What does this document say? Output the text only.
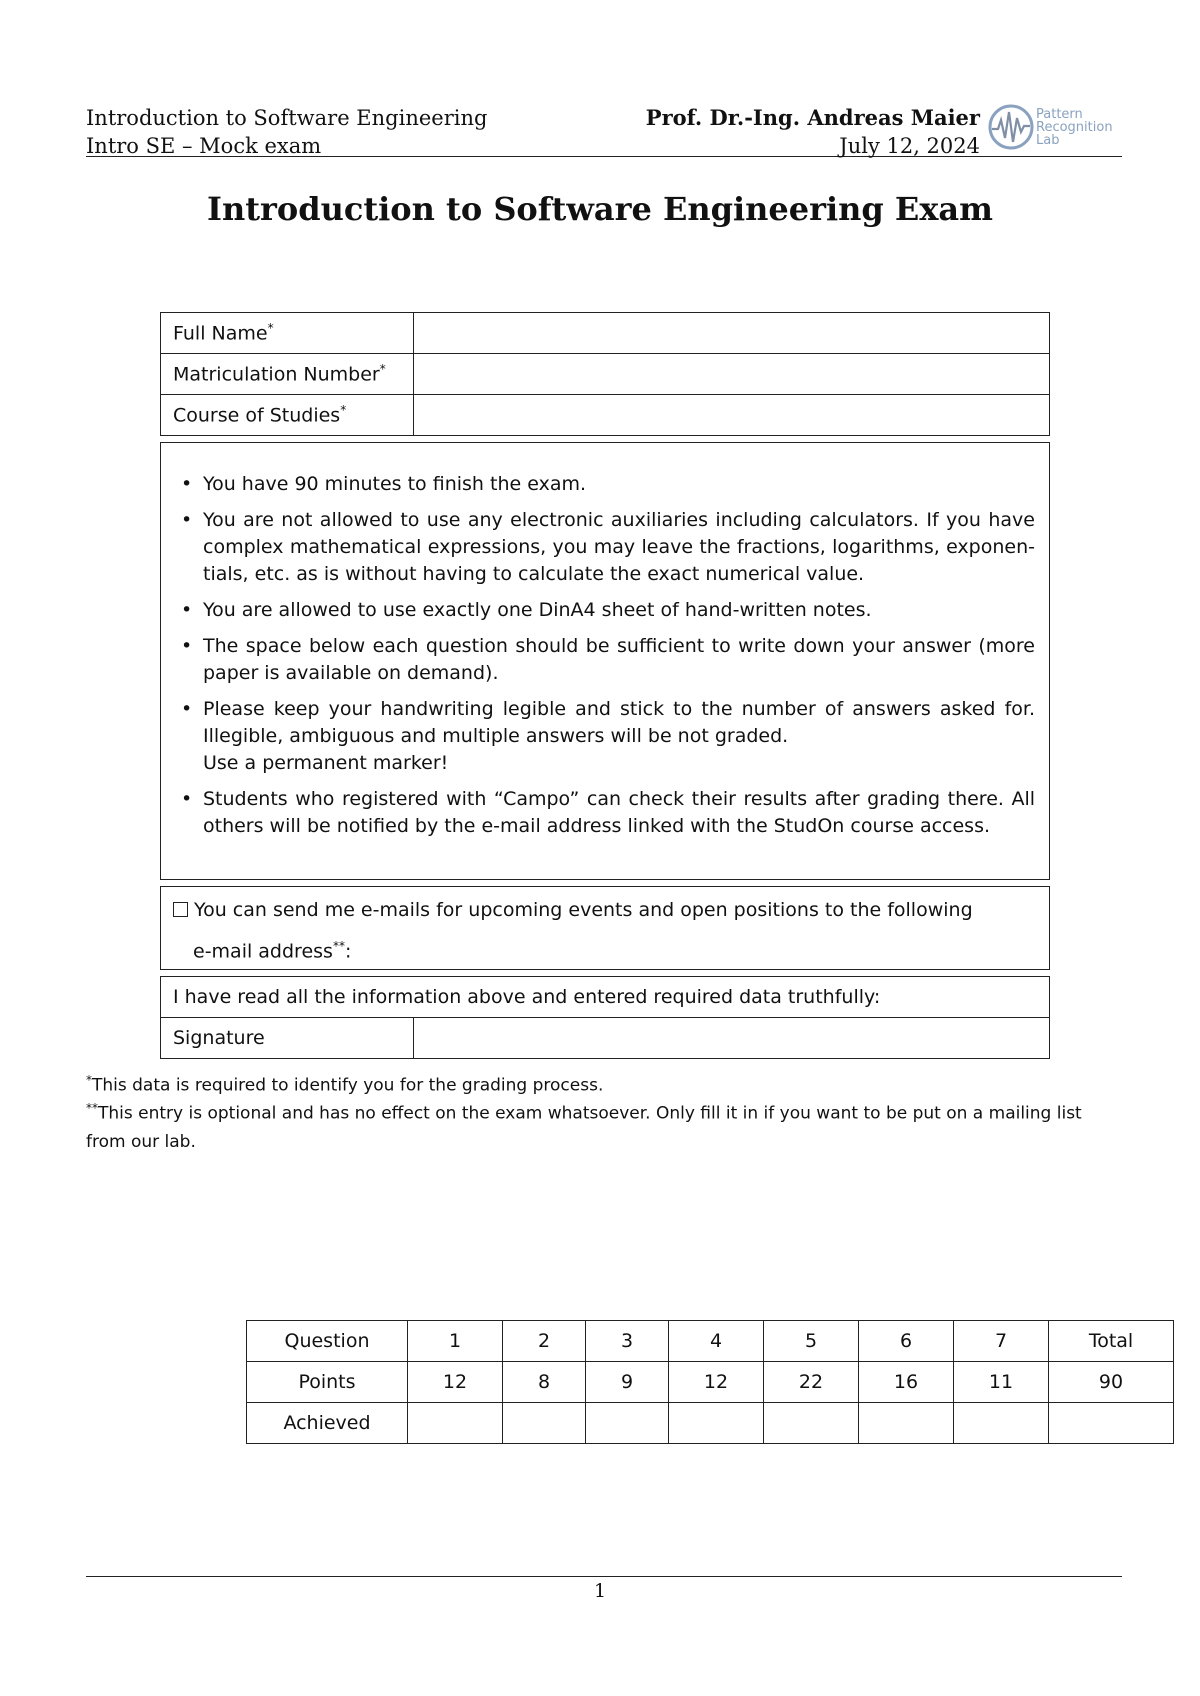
Introduction to Software Engineering
Intro SE – Mock exam
Prof. Dr.-Ing. Andreas Maier
July 12, 2024
Pattern
Recognition
Lab
Introduction to Software Engineering Exam
Full Name*	
Matriculation Number*	
Course of Studies*	
• You have 90 minutes to finish the exam.
• You are not allowed to use any electronic auxiliaries including calculators. If you have complex mathematical expressions, you may leave the fractions, logarithms, exponen- tials, etc. as is without having to calculate the exact numerical value.
• You are allowed to use exactly one DinA4 sheet of hand-written notes.
• The space below each question should be sufficient to write down your answer (more paper is available on demand).
• Please keep your handwriting legible and stick to the number of answers asked for. Illegible, ambiguous and multiple answers will be not graded.
Use a permanent marker!
• Students who registered with “Campo” can check their results after grading there. All others will be notified by the e-mail address linked with the StudOn course access.
You can send me e-mails for upcoming events and open positions to the following
e-mail address**:
I have read all the information above and entered required data truthfully:
Signature	
*This data is required to identify you for the grading process.
**This entry is optional and has no effect on the exam whatsoever. Only fill it in if you want to be put on a mailing list from our lab.
Question	1	2	3	4	5	6	7	Total
Points	12	8	9	12	22	16	11	90
Achieved								
1
